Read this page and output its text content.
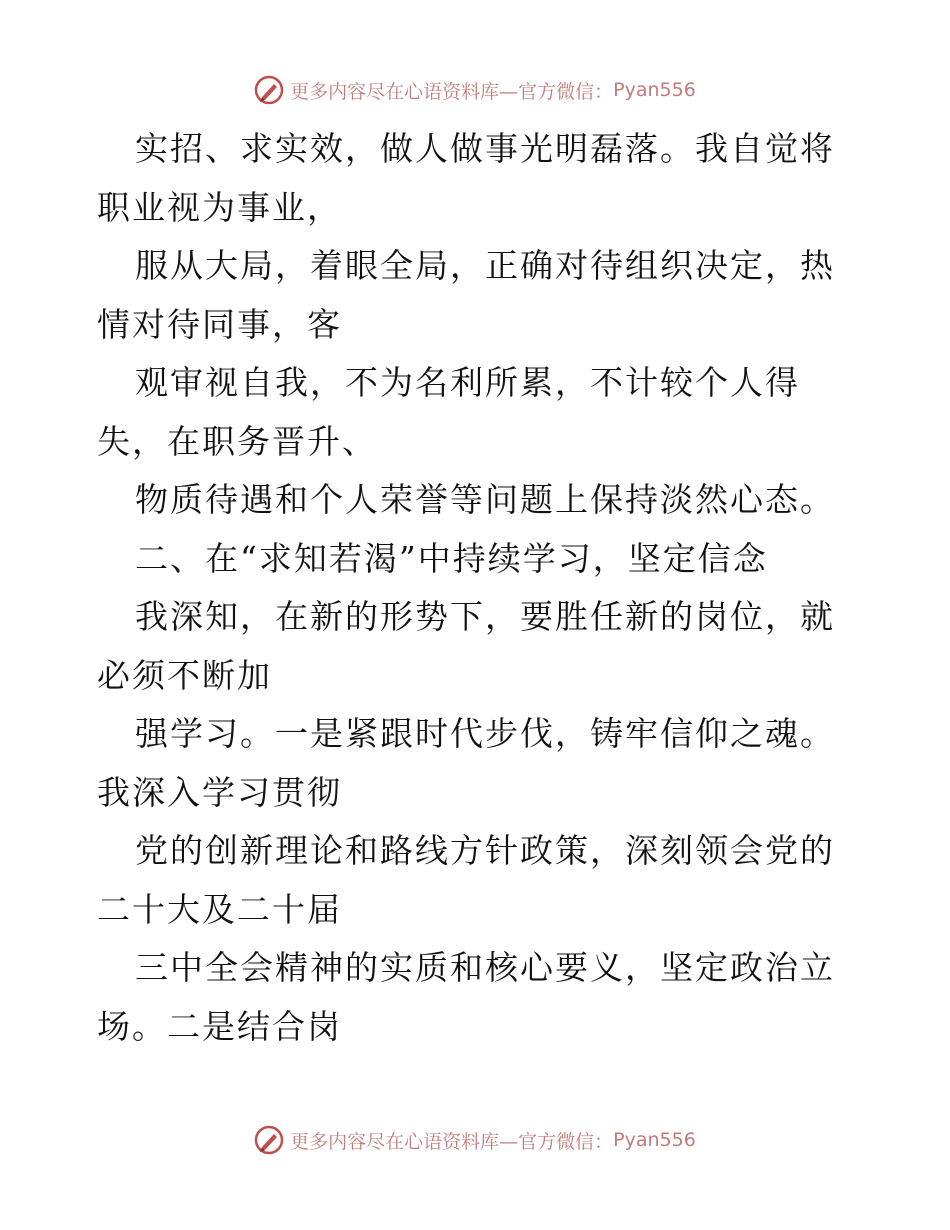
更多内容尽在心语资料库—官方微信： Pyan556

实招、求实效，做人做事光明磊落。我自觉将职业视为事业，

服从大局，着眼全局，正确对待组织决定，热情对待同事，客

观审视自我，不为名利所累，不计较个人得失，在职务晋升、

物质待遇和个人荣誉等问题上保持淡然心态。

二、在“求知若渴”中持续学习，坚定信念

我深知，在新的形势下，要胜任新的岗位，就必须不断加

强学习。一是紧跟时代步伐，铸牢信仰之魂。我深入学习贯彻

党的创新理论和路线方针政策，深刻领会党的二十大及二十届

三中全会精神的实质和核心要义，坚定政治立场。二是结合岗

更多内容尽在心语资料库—官方微信： Pyan556
